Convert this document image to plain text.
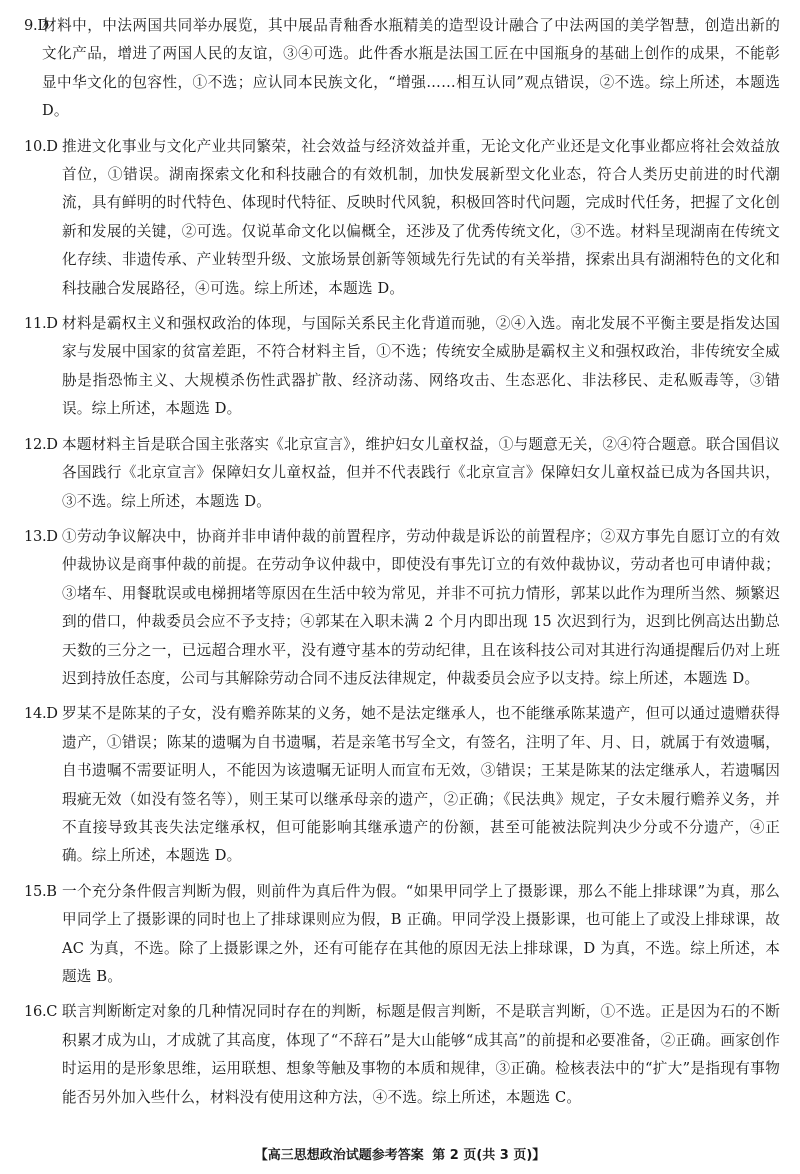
9.D
材料中，中法两国共同举办展览，其中展品青釉香水瓶精美的造型设计融合了中法两国的美学智慧，创造出新的文化产品，增进了两国人民的友谊，③④可选。此件香水瓶是法国工匠在中国瓶身的基础上创作的成果，不能彰显中华文化的包容性，①不选；应认同本民族文化，“增强……相互认同”观点错误，②不选。综上所述，本题选 D。
10.D 推进文化事业与文化产业共同繁荣，社会效益与经济效益并重，无论文化产业还是文化事业都应将社会效益放首位，①错误。湖南探索文化和科技融合的有效机制，加快发展新型文化业态，符合人类历史前进的时代潮流，具有鲜明的时代特色、体现时代特征、反映时代风貌，积极回答时代问题，完成时代任务，把握了文化创新和发展的关键，②可选。仅说革命文化以偏概全，还涉及了优秀传统文化，③不选。材料呈现湖南在传统文化存续、非遗传承、产业转型升级、文旅场景创新等领域先行先试的有关举措，探索出具有湖湘特色的文化和科技融合发展路径，④可选。综上所述，本题选 D。
11.D 材料是霸权主义和强权政治的体现，与国际关系民主化背道而驰，②④入选。南北发展不平衡主要是指发达国家与发展中国家的贫富差距，不符合材料主旨，①不选；传统安全威胁是霸权主义和强权政治，非传统安全威胁是指恐怖主义、大规模杀伤性武器扩散、经济动荡、网络攻击、生态恶化、非法移民、走私贩毒等，③错误。综上所述，本题选 D。
12.D 本题材料主旨是联合国主张落实《北京宣言》，维护妇女儿童权益，①与题意无关，②④符合题意。联合国倡议各国践行《北京宣言》保障妇女儿童权益，但并不代表践行《北京宣言》保障妇女儿童权益已成为各国共识，③不选。综上所述，本题选 D。
13.D ①劳动争议解决中，协商并非申请仲裁的前置程序，劳动仲裁是诉讼的前置程序；②双方事先自愿订立的有效仲裁协议是商事仲裁的前提。在劳动争议仲裁中，即使没有事先订立的有效仲裁协议，劳动者也可申请仲裁；③堵车、用餐耽误或电梯拥堵等原因在生活中较为常见，并非不可抗力情形，郭某以此作为理所当然、频繁迟到的借口，仲裁委员会应不予支持；④郭某在入职未满 2 个月内即出现 15 次迟到行为，迟到比例高达出勤总天数的三分之一，已远超合理水平，没有遵守基本的劳动纪律，且在该科技公司对其进行沟通提醒后仍对上班迟到持放任态度，公司与其解除劳动合同不违反法律规定，仲裁委员会应予以支持。综上所述，本题选 D。
14.D 罗某不是陈某的子女，没有赡养陈某的义务，她不是法定继承人，也不能继承陈某遗产，但可以通过遗赠获得遗产，①错误；陈某的遗嘱为自书遗嘱，若是亲笔书写全文，有签名，注明了年、月、日，就属于有效遗嘱，自书遗嘱不需要证明人，不能因为该遗嘱无证明人而宣布无效，③错误；王某是陈某的法定继承人，若遗嘱因瑕疵无效（如没有签名等），则王某可以继承母亲的遗产，②正确；《民法典》规定，子女未履行赡养义务，并不直接导致其丧失法定继承权，但可能影响其继承遗产的份额，甚至可能被法院判决少分或不分遗产，④正确。综上所述，本题选 D。
15.B 一个充分条件假言判断为假，则前件为真后件为假。“如果甲同学上了摄影课，那么不能上排球课”为真，那么甲同学上了摄影课的同时也上了排球课则应为假，B 正确。甲同学没上摄影课，也可能上了或没上排球课，故 AC 为真，不选。除了上摄影课之外，还有可能存在其他的原因无法上排球课，D 为真，不选。综上所述，本题选 B。
16.C 联言判断断定对象的几种情况同时存在的判断，标题是假言判断，不是联言判断，①不选。正是因为石的不断积累才成为山，才成就了其高度，体现了“不辞石”是大山能够“成其高”的前提和必要准备，②正确。画家创作时运用的是形象思维，运用联想、想象等触及事物的本质和规律，③正确。检核表法中的“扩大”是指现有事物能否另外加入些什么，材料没有使用这种方法，④不选。综上所述，本题选 C。
【高三思想政治试题参考答案 第 2 页(共 3 页)】
